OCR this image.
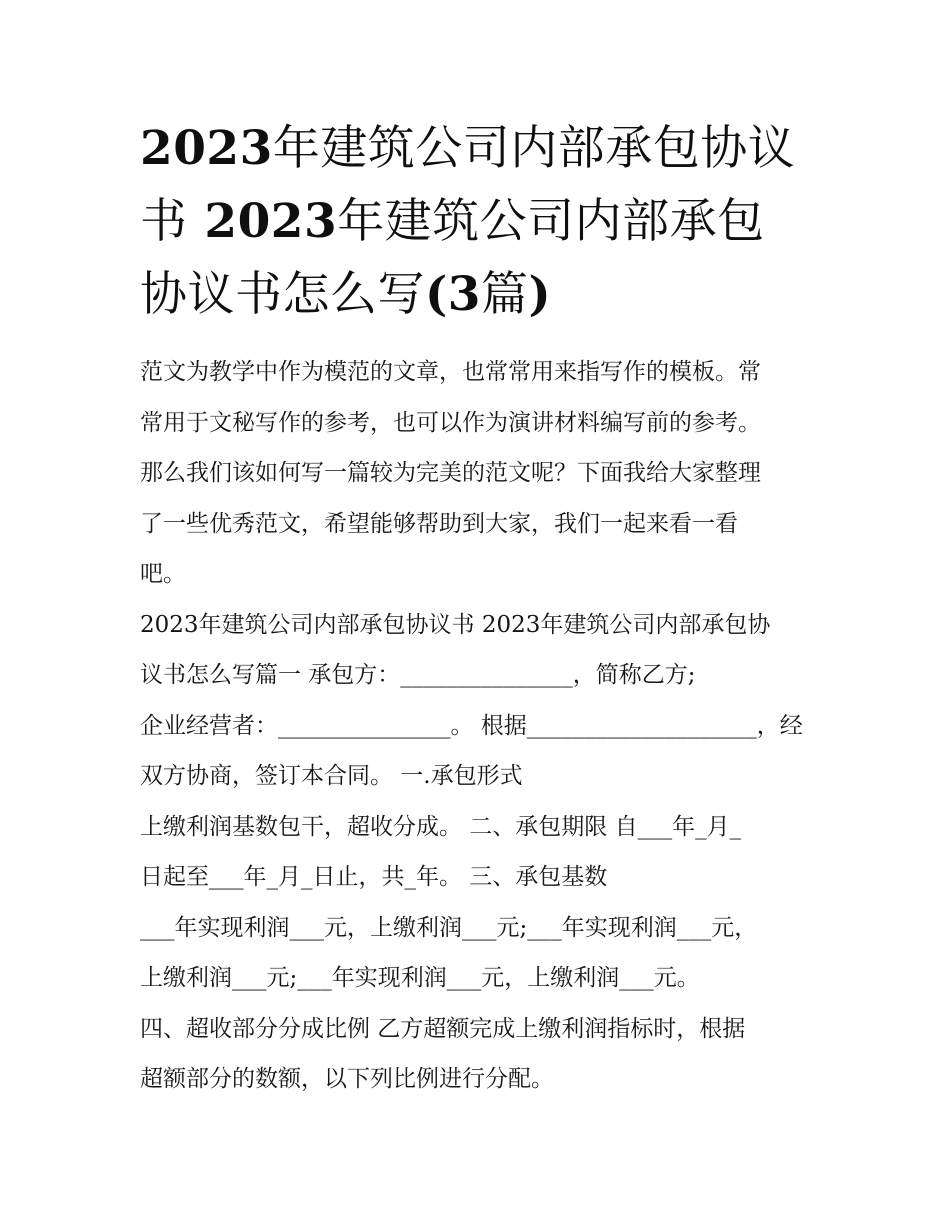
2023年建筑公司内部承包协议
书 2023年建筑公司内部承包
协议书怎么写(3篇)

范文为教学中作为模范的文章，也常常用来指写作的模板。常
常用于文秘写作的参考，也可以作为演讲材料编写前的参考。
那么我们该如何写一篇较为完美的范文呢？下面我给大家整理
了一些优秀范文，希望能够帮助到大家，我们一起来看一看
吧。

2023年建筑公司内部承包协议书 2023年建筑公司内部承包协
议书怎么写篇一 承包方：_______________，简称乙方;
企业经营者：_______________。 根据____________________，经
双方协商，签订本合同。 一.承包形式
上缴利润基数包干，超收分成。 二、承包期限 自___年_月_
日起至___年_月_日止，共_年。 三、承包基数
___年实现利润___元，上缴利润___元;___年实现利润___元，
上缴利润___元;___年实现利润___元，上缴利润___元。
四、超收部分分成比例 乙方超额完成上缴利润指标时，根据
超额部分的数额，以下列比例进行分配。
